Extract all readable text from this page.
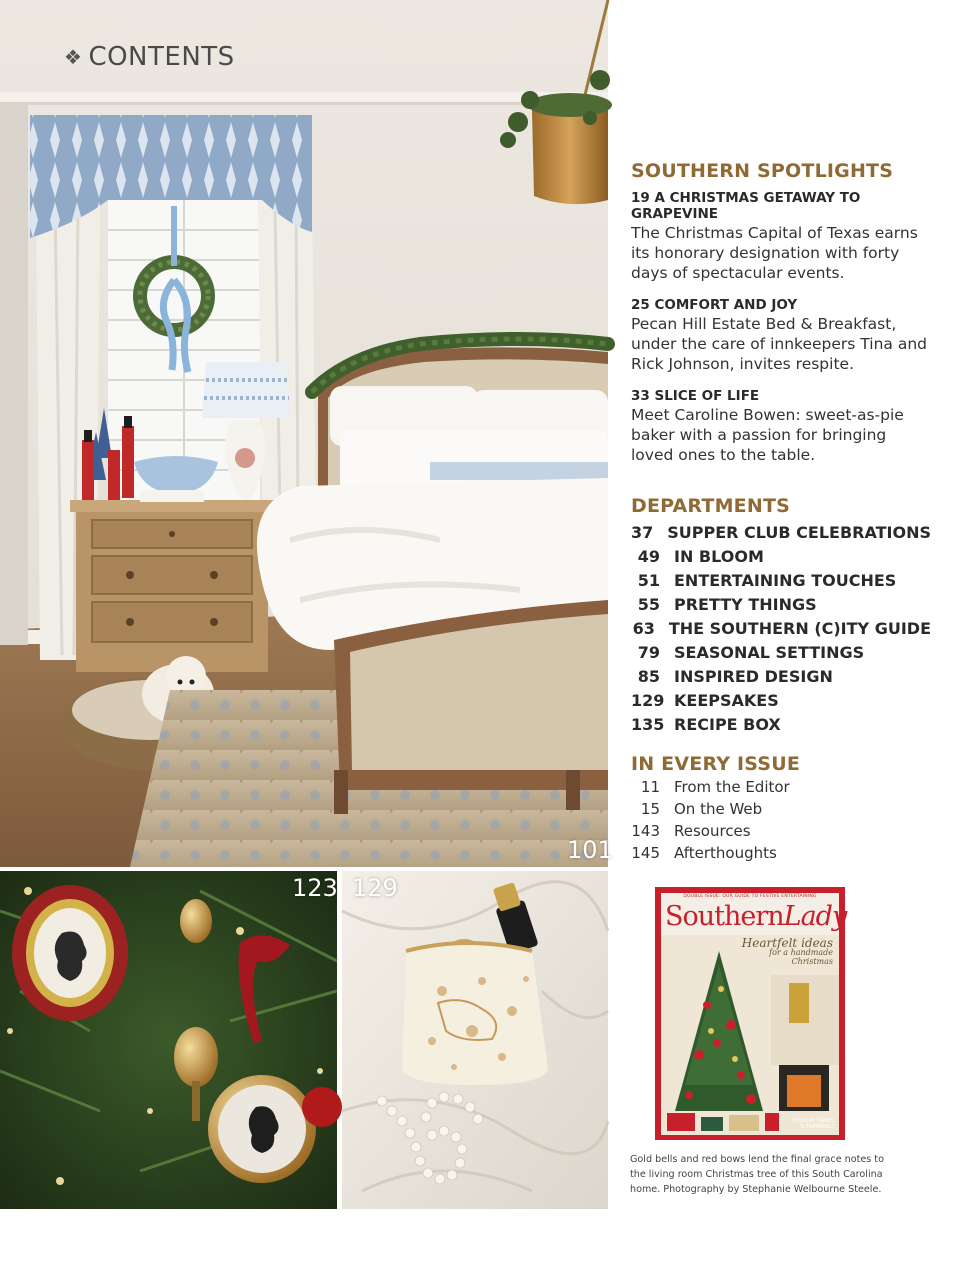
❖ CONTENTS
101
123 129
SOUTHERN SPOTLIGHTS
19 A CHRISTMAS GETAWAY TO GRAPEVINE
The Christmas Capital of Texas earns its honorary designation with forty days of spectacular events.
25 COMFORT AND JOY
Pecan Hill Estate Bed & Breakfast, under the care of innkeepers Tina and Rick Johnson, invites respite.
33 SLICE OF LIFE
Meet Caroline Bowen: sweet-as-pie baker with a passion for bringing loved ones to the table.
DEPARTMENTS
37 SUPPER CLUB CELEBRATIONS
49 IN BLOOM
51 ENTERTAINING TOUCHES
55 PRETTY THINGS
63 THE SOUTHERN (C)ITY GUIDE
79 SEASONAL SETTINGS
85 INSPIRED DESIGN
129 KEEPSAKES
135 RECIPE BOX
IN EVERY ISSUE
11 From the Editor
15 On the Web
143 Resources
145 Afterthoughts
DOUBLE ISSUE: OUR GUIDE TO FESTIVE ENTERTAINING
SouthernLady
Heartfelt ideas
for a handmade
Christmas
HOLIDAY TRAVEL
& TRIMMINGS
Gold bells and red bows lend the final grace notes to the living room Christmas tree of this South Carolina home. Photography by Stephanie Welbourne Steele.
